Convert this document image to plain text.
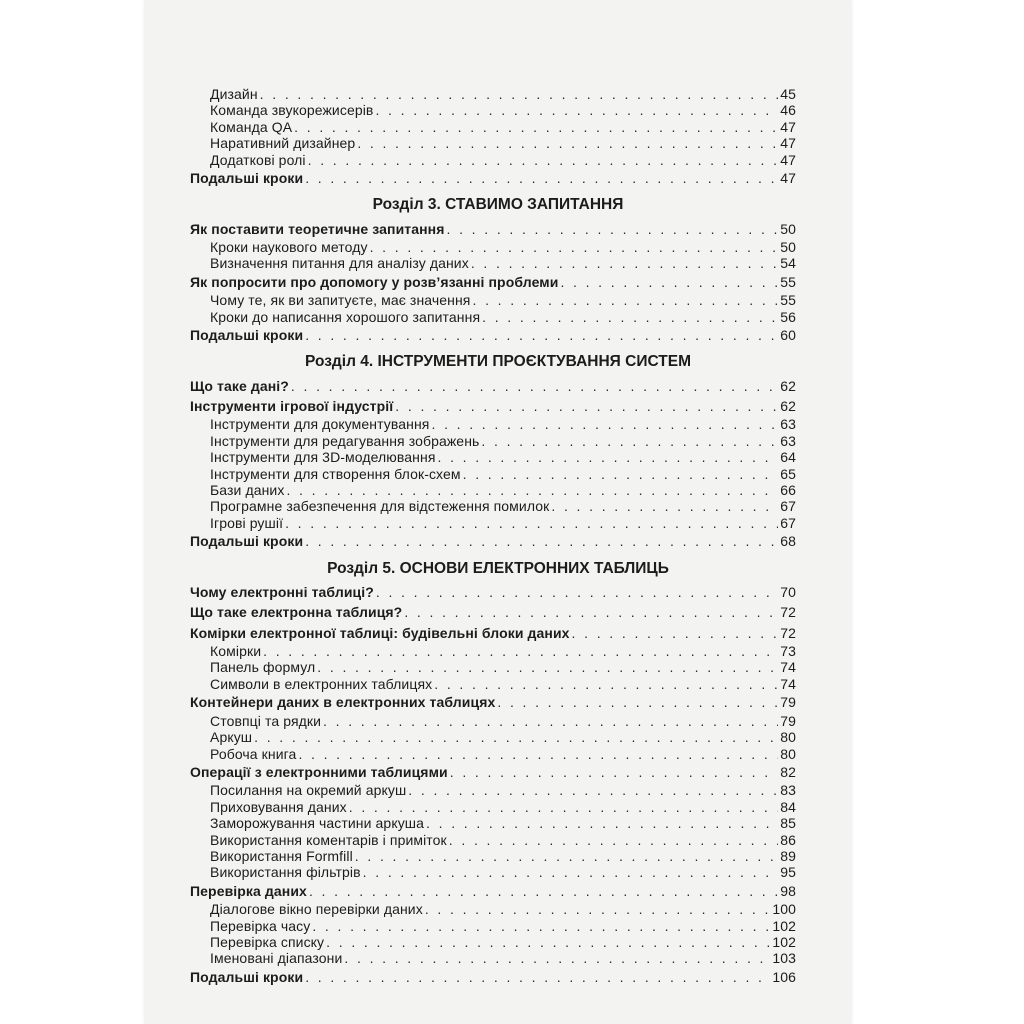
Дизайн . . .	45
Команда звукорежисерів . . .	46
Команда QA . . .	47
Наративний дизайнер . . .	47
Додаткові ролі . . .	47
Подальші кроки . . .	47
Розділ 3. СТАВИМО ЗАПИТАННЯ
Як поставити теоретичне запитання . . .	50
Кроки наукового методу . . .	50
Визначення питання для аналізу даних . . .	54
Як попросити про допомогу у розв’язанні проблеми . . .	55
Чому те, як ви запитуєте, має значення . . .	55
Кроки до написання хорошого запитання . . .	56
Подальші кроки . . .	60
Розділ 4. ІНСТРУМЕНТИ ПРОЄКТУВАННЯ СИСТЕМ
Що таке дані? . . .	62
Інструменти ігрової індустрії . . .	62
Інструменти для документування . . .	63
Інструменти для редагування зображень . . .	63
Інструменти для 3D-моделювання . . .	64
Інструменти для створення блок-схем . . .	65
Бази даних . . .	66
Програмне забезпечення для відстеження помилок . . .	67
Ігрові рушії . . .	67
Подальші кроки . . .	68
Розділ 5. ОСНОВИ ЕЛЕКТРОННИХ ТАБЛИЦЬ
Чому електронні таблиці? . . .	70
Що таке електронна таблиця? . . .	72
Комірки електронної таблиці: будівельні блоки даних . . .	72
Комірки . . .	73
Панель формул . . .	74
Символи в електронних таблицях . . .	74
Контейнери даних в електронних таблицях . . .	79
Стовпці та рядки . . .	79
Аркуш . . .	80
Робоча книга . . .	80
Операції з електронними таблицями . . .	82
Посилання на окремий аркуш . . .	83
Приховування даних . . .	84
Заморожування частини аркуша . . .	85
Використання коментарів і приміток . . .	86
Використання Formfill . . .	89
Використання фільтрів . . .	95
Перевірка даних . . .	98
Діалогове вікно перевірки даних . . .	100
Перевірка часу . . .	102
Перевірка списку . . .	102
Іменовані діапазони . . .	103
Подальші кроки . . .	106
